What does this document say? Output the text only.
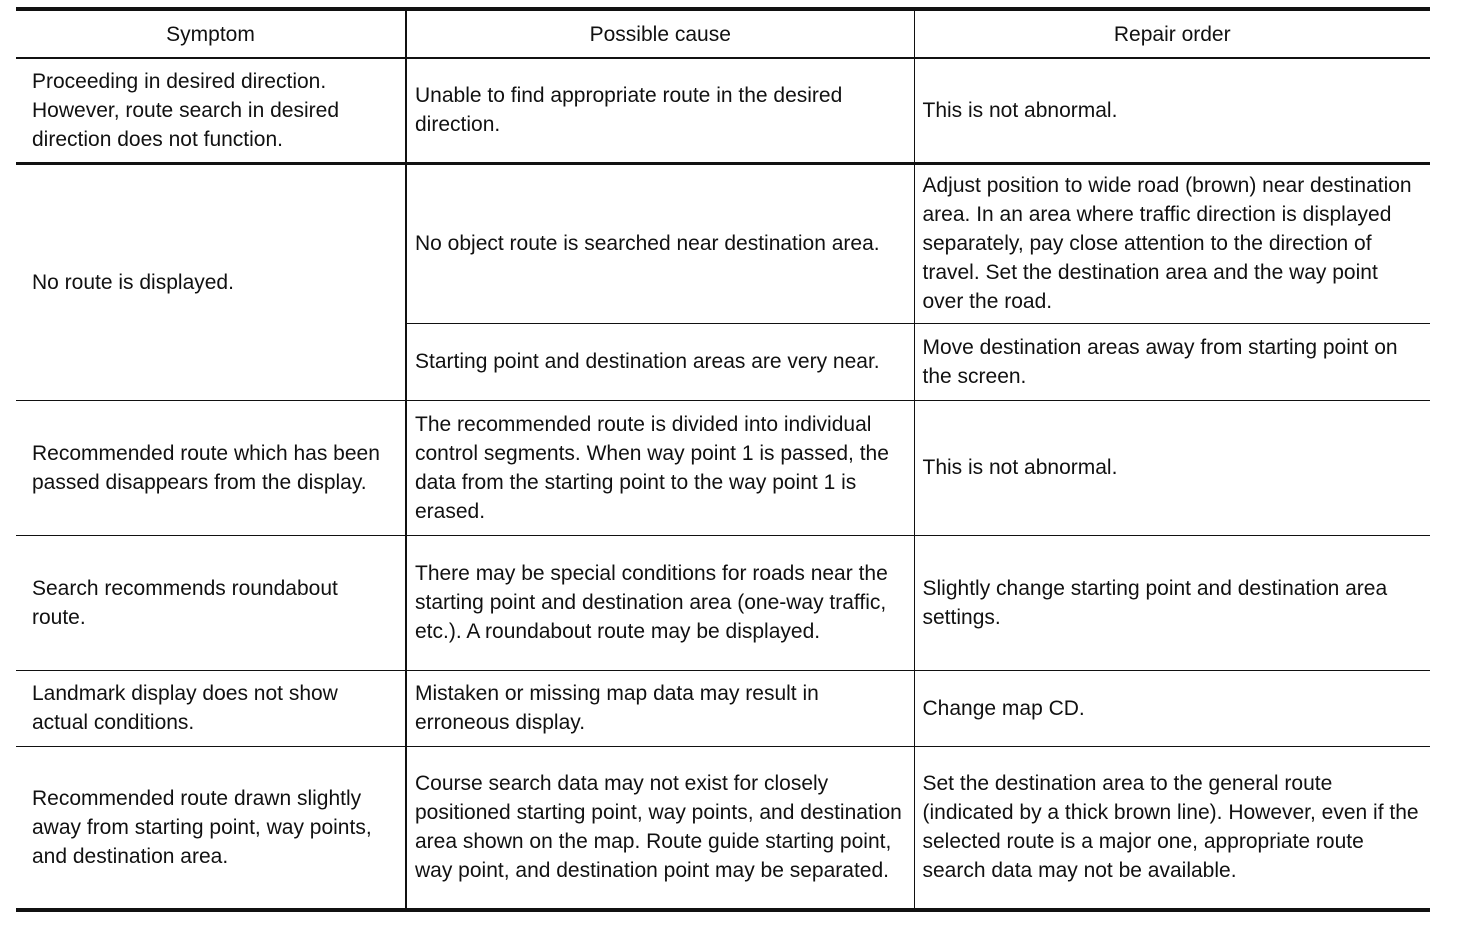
Symptom	Possible cause	Repair order
Proceeding in desired direction. However, route search in desired direction does not function.	Unable to find appropriate route in the desired direction.	This is not abnormal.
No route is displayed.	No object route is searched near destination area.	Adjust position to wide road (brown) near destination area. In an area where traffic direction is displayed separately, pay close attention to the direction of travel. Set the destination area and the way point over the road.
	Starting point and destination areas are very near.	Move destination areas away from starting point on the screen.
Recommended route which has been passed disappears from the display.	The recommended route is divided into individual control segments. When way point 1 is passed, the data from the starting point to the way point 1 is erased.	This is not abnormal.
Search recommends roundabout route.	There may be special conditions for roads near the starting point and destination area (one-way traffic, etc.). A roundabout route may be displayed.	Slightly change starting point and destination area settings.
Landmark display does not show actual conditions.	Mistaken or missing map data may result in erroneous display.	Change map CD.
Recommended route drawn slightly away from starting point, way points, and destination area.	Course search data may not exist for closely positioned starting point, way points, and destination area shown on the map. Route guide starting point, way point, and destination point may be separated.	Set the destination area to the general route (indicated by a thick brown line). However, even if the selected route is a major one, appropriate route search data may not be available.
